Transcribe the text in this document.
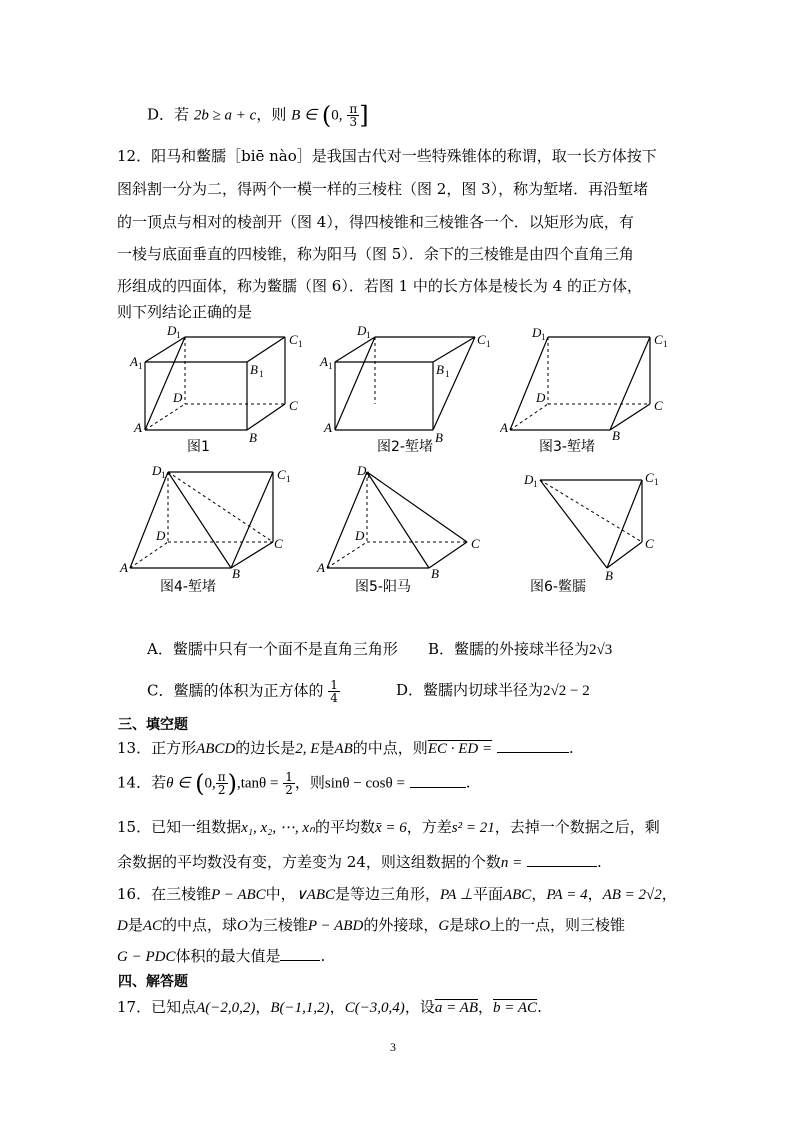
D．若 2b ≥ a + c，则 B ∈ (0, $\frac{\pi}{3}$ ]
12．阳马和鳖臑［biē nào］是我国古代对一些特殊锥体的称谓，取一长方体按下
图斜割一分为二，得两个一模一样的三棱柱（图 2，图 3），称为堑堵．再沿堑堵
的一顶点与相对的棱剖开（图 4），得四棱锥和三棱锥各一个．以矩形为底，有
一棱与底面垂直的四棱锥，称为阳马（图 5）．余下的三棱锥是由四个直角三角
形组成的四面体，称为鳖臑（图 6）．若图 1 中的长方体是棱长为 4 的正方体，
则下列结论正确的是
D 1	C 1
A 1	B 1
D
C
A
B
D 1	C 1
A 1	B 1
A
B
D 1	C 1
D
C
A
B
图1	图2-堑堵	图3-堑堵
D 1	C 1
D
C
A	B
D 1
D
C
A	B
D 1	C 1
C
B
图4-堑堵	图5-阳马	图6-鳖臑
A．鳖臑中只有一个面不是直角三角形 B．鳖臑的外接球半径为2√3
C．鳖臑的体积为正方体的 $\frac{1}{4}$	D．鳖臑内切球半径为2√2 − 2
三、填空题
13．正方形ABCD的边长是2, E是AB的中点，则EC · ED =	.
14．若θ ∈ (0, $\frac{\pi}{2} ),\tan\theta = \frac{1}{2}$ ，则sinθ − cosθ =	.
15．已知一组数据x₁, x₂, ⋯, xₙ的平均数x̄ = 6，方差s² = 21，去掉一个数据之后，剩
余数据的平均数没有变，方差变为 24，则这组数据的个数n =	.
16．在三棱锥P − ABC中，∨ABC是等边三角形，PA ⊥平面ABC，PA = 4，AB = 2√2，
D是AC的中点，球O为三棱锥P − ABD的外接球，G是球O上的一点，则三棱锥
G − PDC体积的最大值是	.
四、解答题
17．已知点A(−2,0,2)，B(−1,1,2)，C(−3,0,4)，设a = AB，b = AC.
3
